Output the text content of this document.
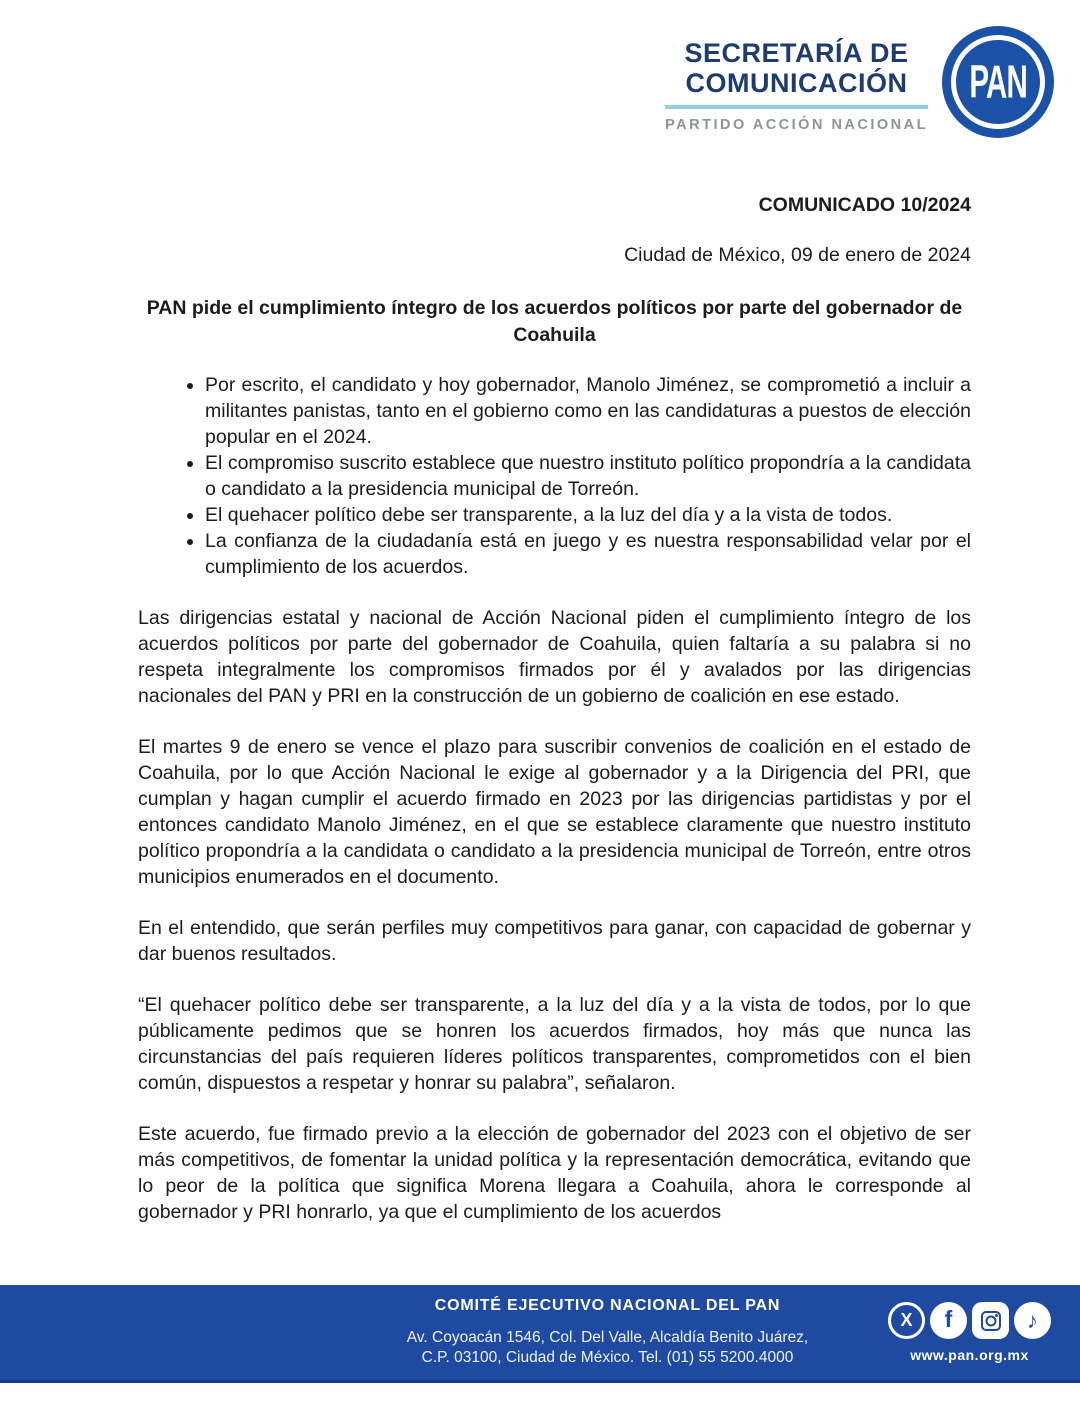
SECRETARÍA DE
COMUNICACIÓN
PARTIDO ACCIÓN NACIONAL
PAN
COMUNICADO 10/2024
Ciudad de México, 09 de enero de 2024
PAN pide el cumplimiento íntegro de los acuerdos políticos por parte del gobernador de Coahuila
• Por escrito, el candidato y hoy gobernador, Manolo Jiménez, se comprometió a incluir a militantes panistas, tanto en el gobierno como en las candidaturas a puestos de elección popular en el 2024.
• El compromiso suscrito establece que nuestro instituto político propondría a la candidata o candidato a la presidencia municipal de Torreón.
• El quehacer político debe ser transparente, a la luz del día y a la vista de todos.
• La confianza de la ciudadanía está en juego y es nuestra responsabilidad velar por el cumplimiento de los acuerdos.

Las dirigencias estatal y nacional de Acción Nacional piden el cumplimiento íntegro de los acuerdos políticos por parte del gobernador de Coahuila, quien faltaría a su palabra si no respeta integralmente los compromisos firmados por él y avalados por las dirigencias nacionales del PAN y PRI en la construcción de un gobierno de coalición en ese estado.

El martes 9 de enero se vence el plazo para suscribir convenios de coalición en el estado de Coahuila, por lo que Acción Nacional le exige al gobernador y a la Dirigencia del PRI, que cumplan y hagan cumplir el acuerdo firmado en 2023 por las dirigencias partidistas y por el entonces candidato Manolo Jiménez, en el que se establece claramente que nuestro instituto político propondría a la candidata o candidato a la presidencia municipal de Torreón, entre otros municipios enumerados en el documento.

En el entendido, que serán perfiles muy competitivos para ganar, con capacidad de gobernar y dar buenos resultados.

“El quehacer político debe ser transparente, a la luz del día y a la vista de todos, por lo que públicamente pedimos que se honren los acuerdos firmados, hoy más que nunca las circunstancias del país requieren líderes políticos transparentes, comprometidos con el bien común, dispuestos a respetar y honrar su palabra”, señalaron.

Este acuerdo, fue firmado previo a la elección de gobernador del 2023 con el objetivo de ser más competitivos, de fomentar la unidad política y la representación democrática, evitando que lo peor de la política que significa Morena llegara a Coahuila, ahora le corresponde al gobernador y PRI honrarlo, ya que el cumplimiento de los acuerdos

COMITÉ EJECUTIVO NACIONAL DEL PAN
Av. Coyoacán 1546, Col. Del Valle, Alcaldía Benito Juárez,
C.P. 03100, Ciudad de México. Tel. (01) 55 5200.4000
X	f	♪
www.pan.org.mx
